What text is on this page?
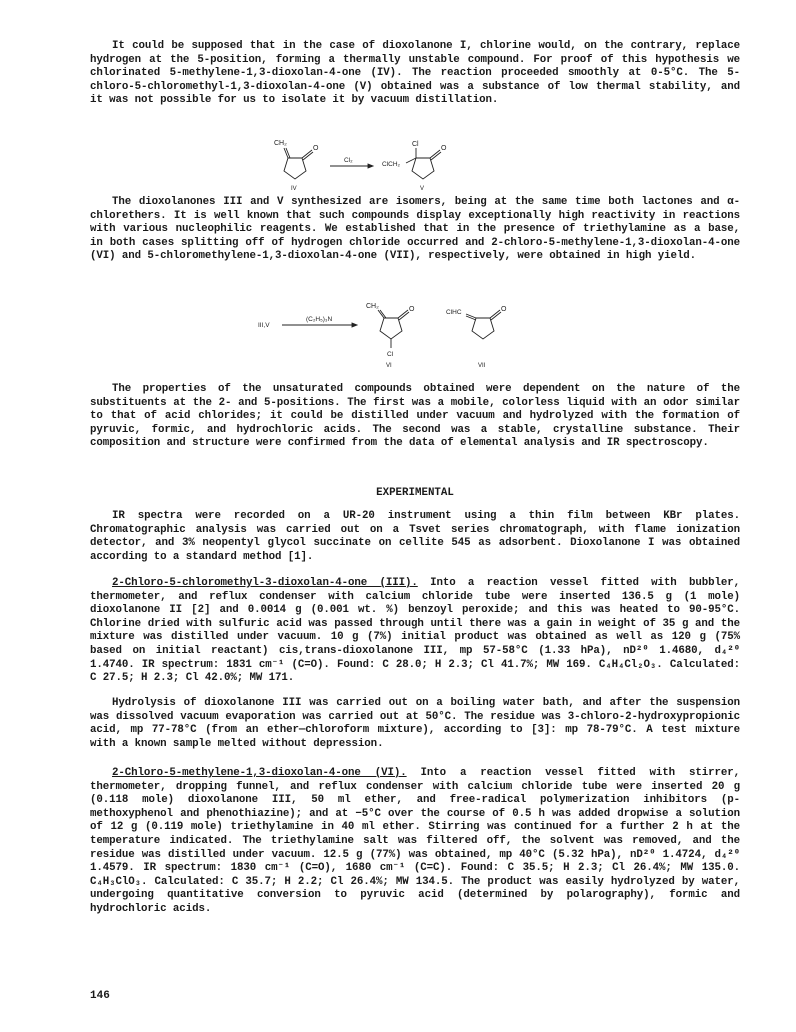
It could be supposed that in the case of dioxolanone I, chlorine would, on the contrary, replace hydrogen at the 5-position, forming a thermally unstable compound. For proof of this hypothesis we chlorinated 5-methylene-1,3-dioxolan-4-one (IV). The reaction proceeded smoothly at 0-5°C. The 5-chloro-5-chloromethyl-1,3-dioxolan-4-one (V) obtained was a substance of low thermal stability, and it was not possible for us to isolate it by vacuum distillation.

CH₂
O
IV
Cl₂
Cl
ClCH₂
O
V

The dioxolanones III and V synthesized are isomers, being at the same time both lactones and α-chlorethers. It is well known that such compounds display exceptionally high reactivity in reactions with various nucleophilic reagents. We established that in the presence of triethylamine as a base, in both cases splitting off of hydrogen chloride occurred and 2-chloro-5-methylene-1,3-dioxolan-4-one (VI) and 5-chloromethylene-1,3-dioxolan-4-one (VII), respectively, were obtained in high yield.

III,V
(C₂H₅)₃N
CH₂	O
Cl
VI
ClHC	O
VII

The properties of the unsaturated compounds obtained were dependent on the nature of the substituents at the 2- and 5-positions. The first was a mobile, colorless liquid with an odor similar to that of acid chlorides; it could be distilled under vacuum and hydrolyzed with the formation of pyruvic, formic, and hydrochloric acids. The second was a stable, crystalline substance. Their composition and structure were confirmed from the data of elemental analysis and IR spectroscopy.

EXPERIMENTAL

IR spectra were recorded on a UR-20 instrument using a thin film between KBr plates. Chromatographic analysis was carried out on a Tsvet series chromatograph, with flame ionization detector, and 3% neopentyl glycol succinate on cellite 545 as adsorbent. Dioxolanone I was obtained according to a standard method [1].

2-Chloro-5-chloromethyl-3-dioxolan-4-one (III). Into a reaction vessel fitted with bubbler, thermometer, and reflux condenser with calcium chloride tube were inserted 136.5 g (1 mole) dioxolanone II [2] and 0.0014 g (0.001 wt. %) benzoyl peroxide; and this was heated to 90-95°C. Chlorine dried with sulfuric acid was passed through until there was a gain in weight of 35 g and the mixture was distilled under vacuum. 10 g (7%) initial product was obtained as well as 120 g (75% based on initial reactant) cis,trans-dioxolanone III, mp 57-58°C (1.33 hPa), nD²⁰ 1.4680, d₄²⁰ 1.4740. IR spectrum: 1831 cm⁻¹ (C=O). Found: C 28.0; H 2.3; Cl 41.7%; MW 169. C₄H₄Cl₂O₃. Calculated: C 27.5; H 2.3; Cl 42.0%; MW 171.

Hydrolysis of dioxolanone III was carried out on a boiling water bath, and after the suspension was dissolved vacuum evaporation was carried out at 50°C. The residue was 3-chloro-2-hydroxypropionic acid, mp 77-78°C (from an ether—chloroform mixture), according to [3]: mp 78-79°C. A test mixture with a known sample melted without depression.

2-Chloro-5-methylene-1,3-dioxolan-4-one (VI). Into a reaction vessel fitted with stirrer, thermometer, dropping funnel, and reflux condenser with calcium chloride tube were inserted 20 g (0.118 mole) dioxolanone III, 50 ml ether, and free-radical polymerization inhibitors (p-methoxyphenol and phenothiazine); and at −5°C over the course of 0.5 h was added dropwise a solution of 12 g (0.119 mole) triethylamine in 40 ml ether. Stirring was continued for a further 2 h at the temperature indicated. The triethylamine salt was filtered off, the solvent was removed, and the residue was distilled under vacuum. 12.5 g (77%) was obtained, mp 40°C (5.32 hPa), nD²⁰ 1.4724, d₄²⁰ 1.4579. IR spectrum: 1830 cm⁻¹ (C=O), 1680 cm⁻¹ (C=C). Found: C 35.5; H 2.3; Cl 26.4%; MW 135.0. C₄H₃ClO₃. Calculated: C 35.7; H 2.2; Cl 26.4%; MW 134.5. The product was easily hydrolyzed by water, undergoing quantitative conversion to pyruvic acid (determined by polarography), formic and hydrochloric acids.

146
